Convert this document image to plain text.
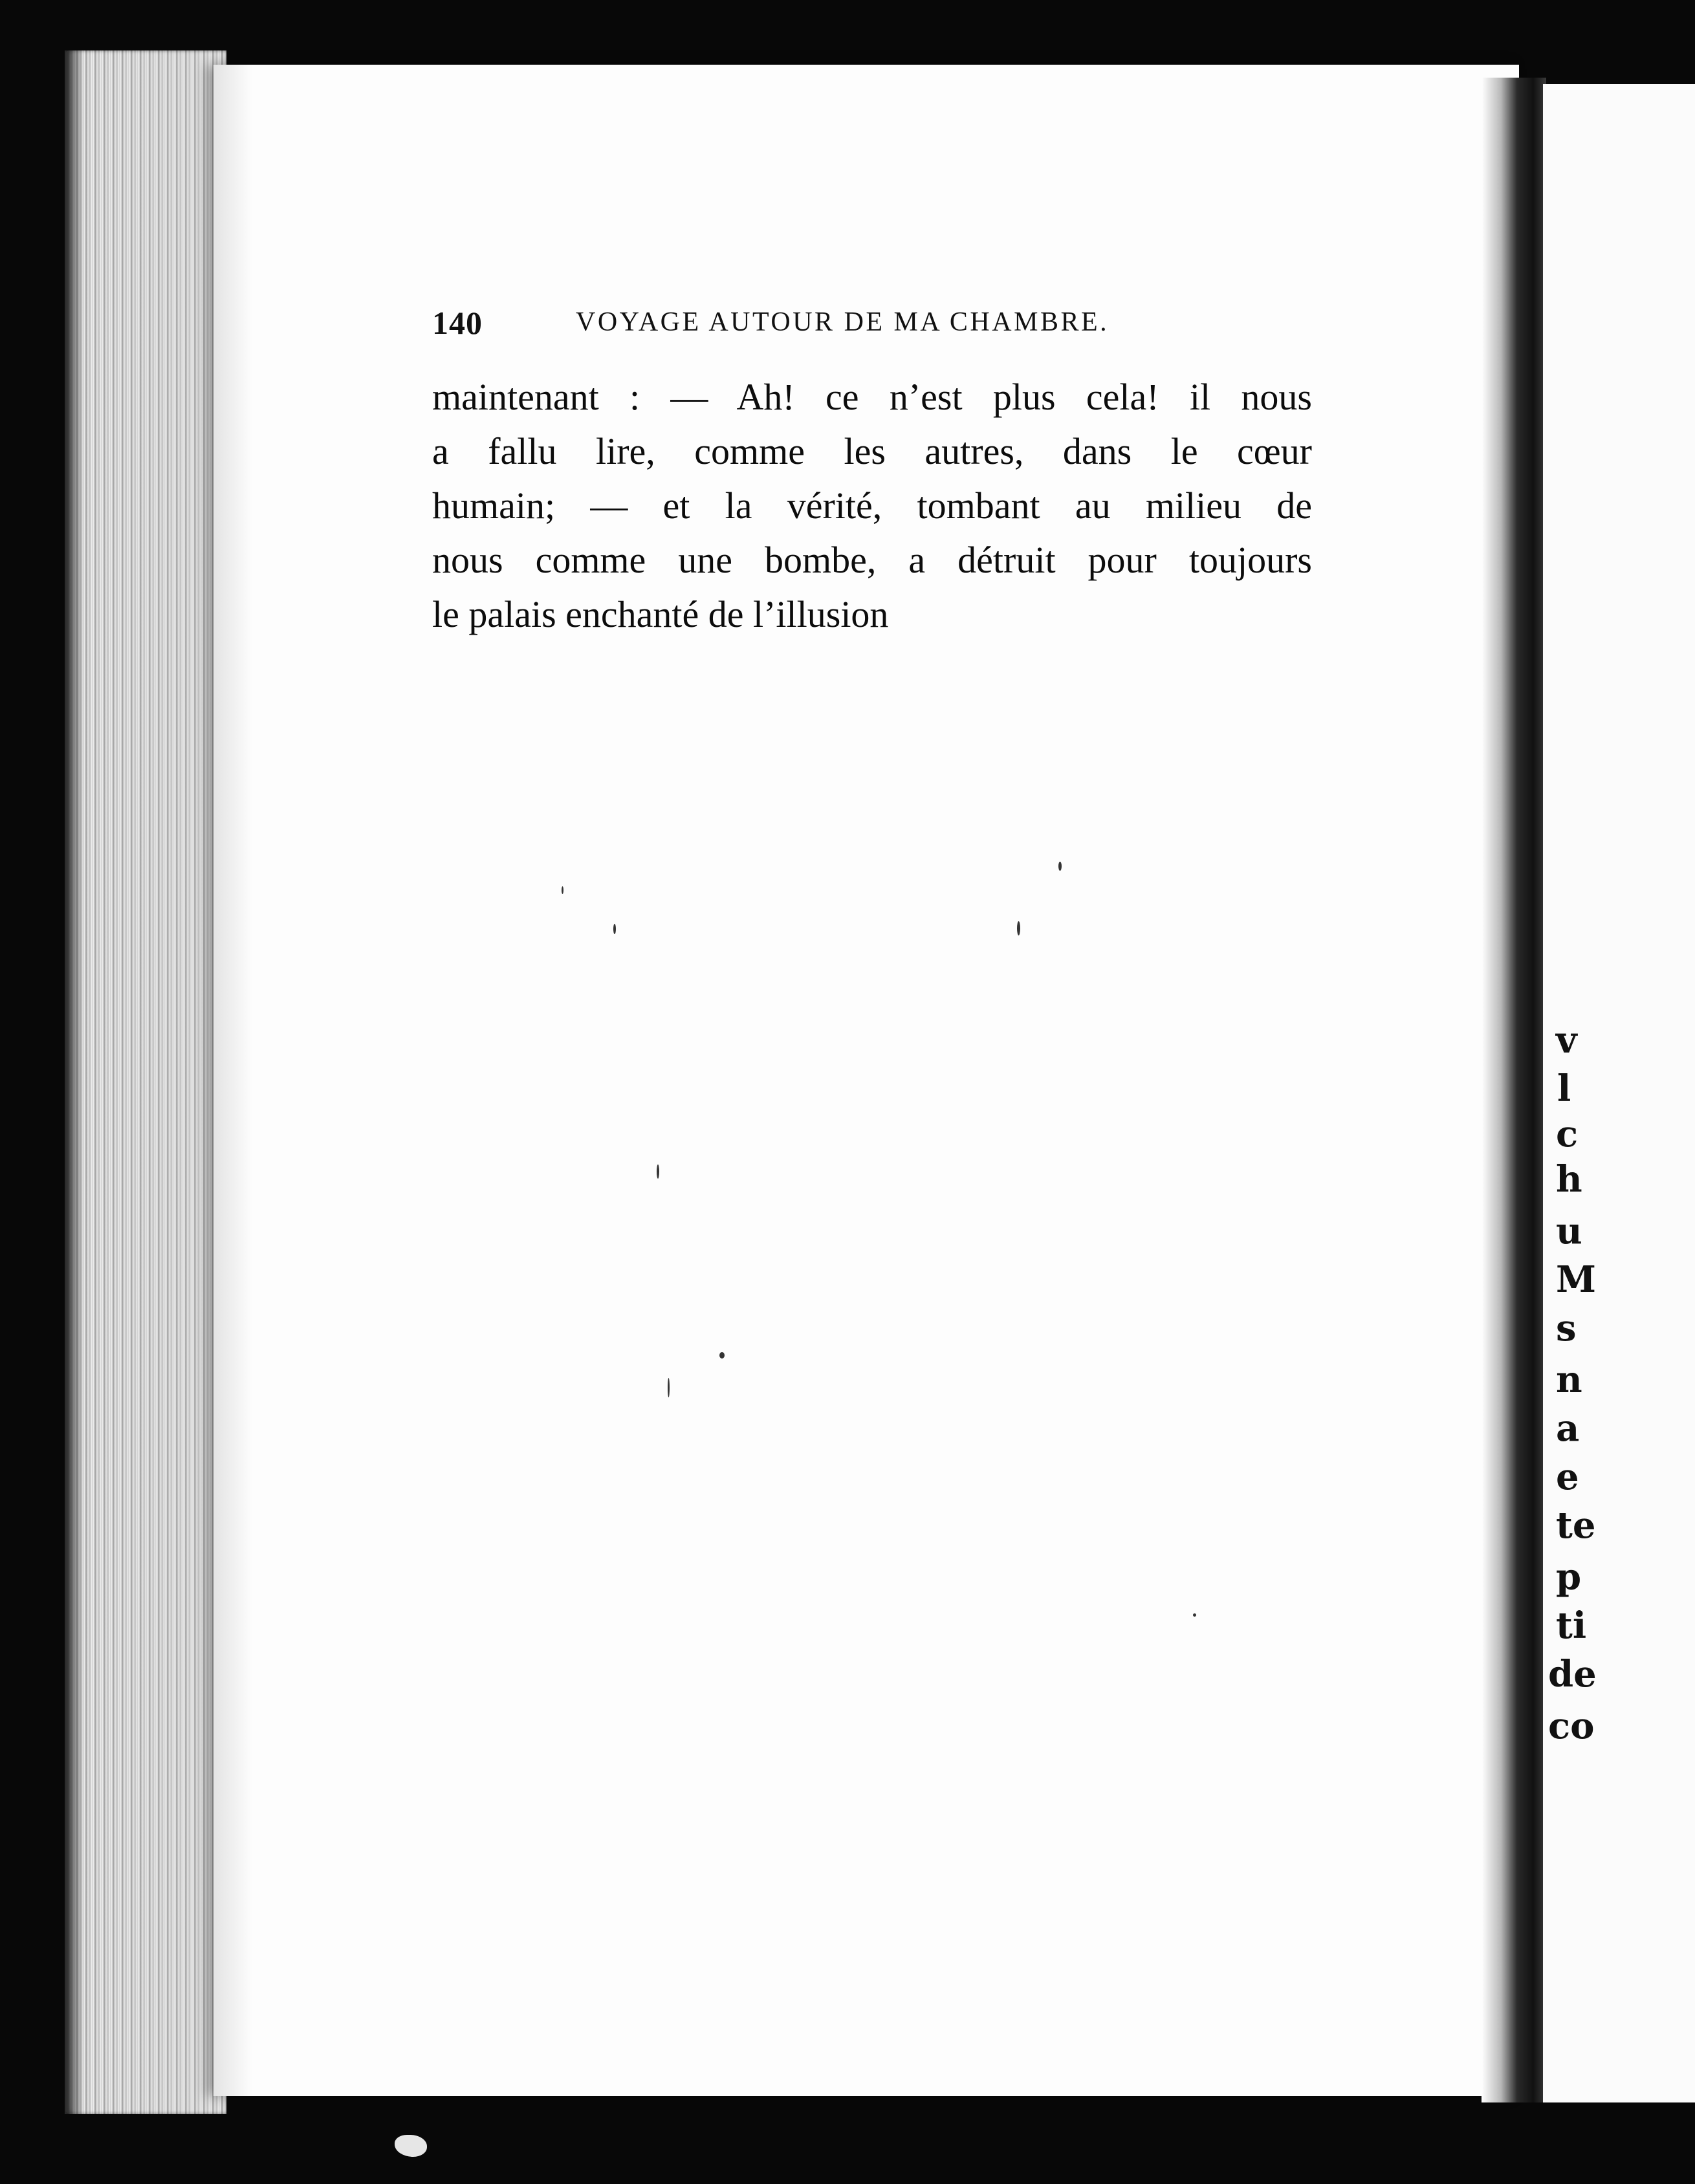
v
l
c
h
u
M
s
n
a
e
te
p
ti
de
co
140	VOYAGE AUTOUR DE MA CHAMBRE.
maintenant : — Ah! ce n’est plus cela! il nous
a fallu lire, comme les autres, dans le cœur
humain; — et la vérité, tombant au milieu de
nous comme une bombe, a détruit pour toujours
le palais enchanté de l’illusion
